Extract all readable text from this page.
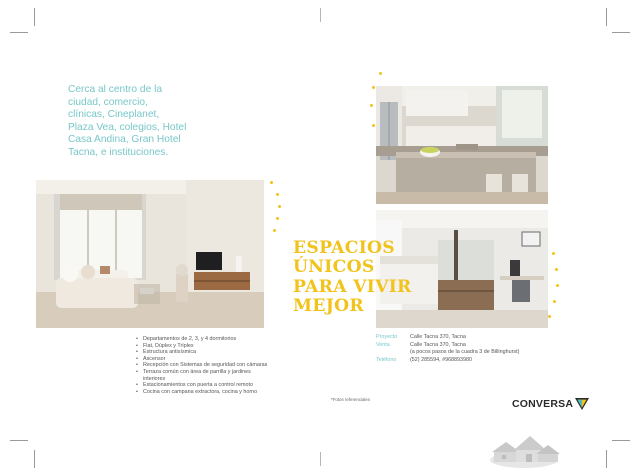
Cerca al centro de la
ciudad, comercio,
clínicas, Cineplanet,
Plaza Vea, colegios, Hotel
Casa Andina, Gran Hotel
Tacna, e instituciones.
ESPACIOS
ÚNICOS
PARA VIVIR
MEJOR
• Departamentos de 2, 3, y 4 dormitorios
• Flat, Dúplex y Tríplex
• Estructura antisísmica
• Ascensor
• Recepción con Sistemas de seguridad con cámaras
• Terraza común con área de parrilla y jardines interiores
• Estacionamientos con puerta a control remoto
• Cocina con campana extractora, cocina y horno
Proyecto	Calle Tacna 370, Tacna
Venta	Calle Tacna 370, Tacna
(a pocos pasos de la cuadra 3 de Billinghurst)
Teléfono	(52) 285594, #968893980
*Fotos referenciales	CONVERSA
